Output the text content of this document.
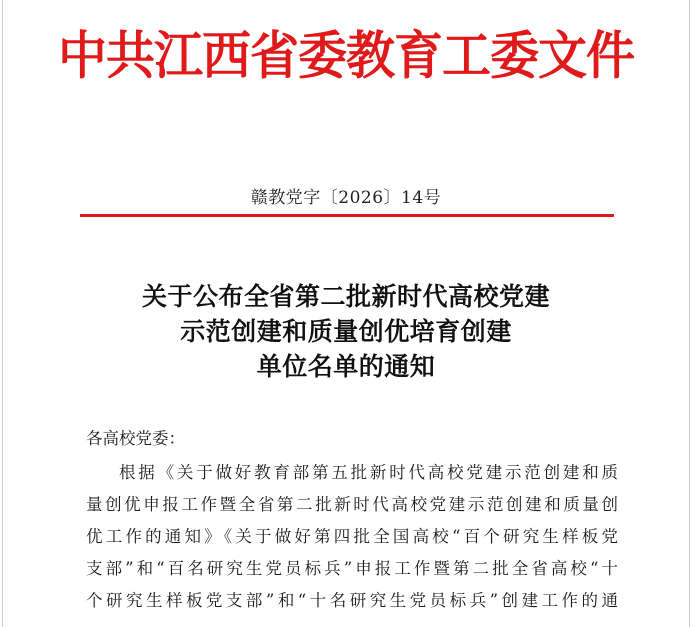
中共江西省委教育工委文件
赣教党字〔2026〕14号
关于公布全省第二批新时代高校党建
示范创建和质量创优培育创建
单位名单的通知
各高校党委：
根据《关于做好教育部第五批新时代高校党建示范创建和质
量创优申报工作暨全省第二批新时代高校党建示范创建和质量创
优工作的通知》《关于做好第四批全国高校“百个研究生样板党
支部”和“百名研究生党员标兵”申报工作暨第二批全省高校“十
个研究生样板党支部”和“十名研究生党员标兵”创建工作的通
